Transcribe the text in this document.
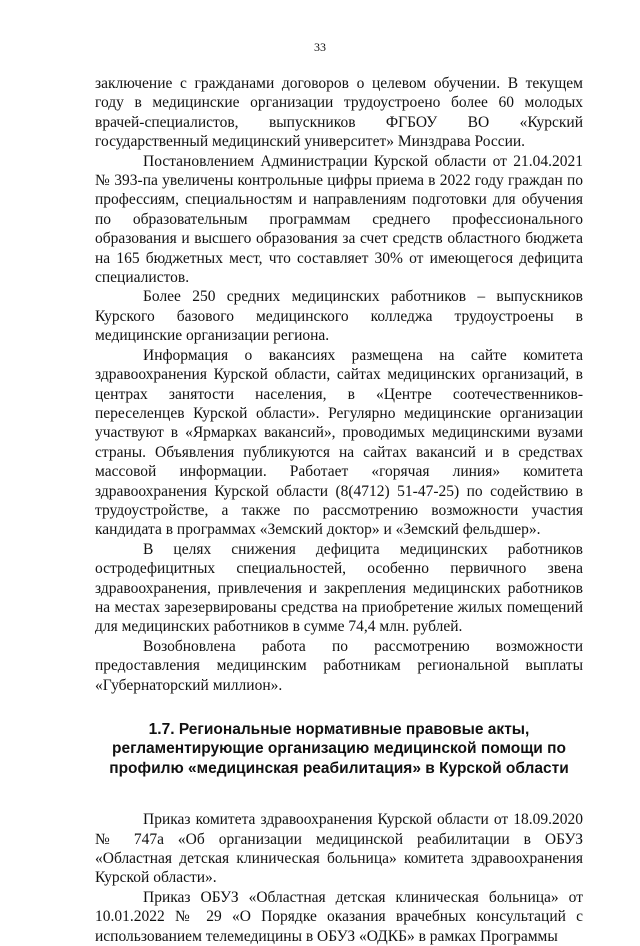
33

заключение с гражданами договоров о целевом обучении. В текущем году в медицинские организации трудоустроено более 60 молодых врачей-специалистов, выпускников ФГБОУ ВО «Курский государственный медицинский университет» Минздрава России.

Постановлением Администрации Курской области от 21.04.2021 № 393-па увеличены контрольные цифры приема в 2022 году граждан по профессиям, специальностям и направлениям подготовки для обучения по образовательным программам среднего профессионального образования и высшего образования за счет средств областного бюджета на 165 бюджетных мест, что составляет 30% от имеющегося дефицита специалистов.

Более 250 средних медицинских работников – выпускников Курского базового медицинского колледжа трудоустроены в медицинские организации региона.

Информация о вакансиях размещена на сайте комитета здравоохранения Курской области, сайтах медицинских организаций, в центрах занятости населения, в «Центре соотечественников-переселенцев Курской области». Регулярно медицинские организации участвуют в «Ярмарках вакансий», проводимых медицинскими вузами страны. Объявления публикуются на сайтах вакансий и в средствах массовой информации. Работает «горячая линия» комитета здравоохранения Курской области (8(4712) 51-47-25) по содействию в трудоустройстве, а также по рассмотрению возможности участия кандидата в программах «Земский доктор» и «Земский фельдшер».

В целях снижения дефицита медицинских работников остродефицитных специальностей, особенно первичного звена здравоохранения, привлечения и закрепления медицинских работников на местах зарезервированы средства на приобретение жилых помещений для медицинских работников в сумме 74,4 млн. рублей.

Возобновлена работа по рассмотрению возможности предоставления медицинским работникам региональной выплаты «Губернаторский миллион».

1.7. Региональные нормативные правовые акты, регламентирующие организацию медицинской помощи по профилю «медицинская реабилитация» в Курской области

Приказ комитета здравоохранения Курской области от 18.09.2020 № 747а «Об организации медицинской реабилитации в ОБУЗ «Областная детская клиническая больница» комитета здравоохранения Курской области».

Приказ ОБУЗ «Областная детская клиническая больница» от 10.01.2022 № 29 «О Порядке оказания врачебных консультаций с использованием телемедицины в ОБУЗ «ОДКБ» в рамках Программы
